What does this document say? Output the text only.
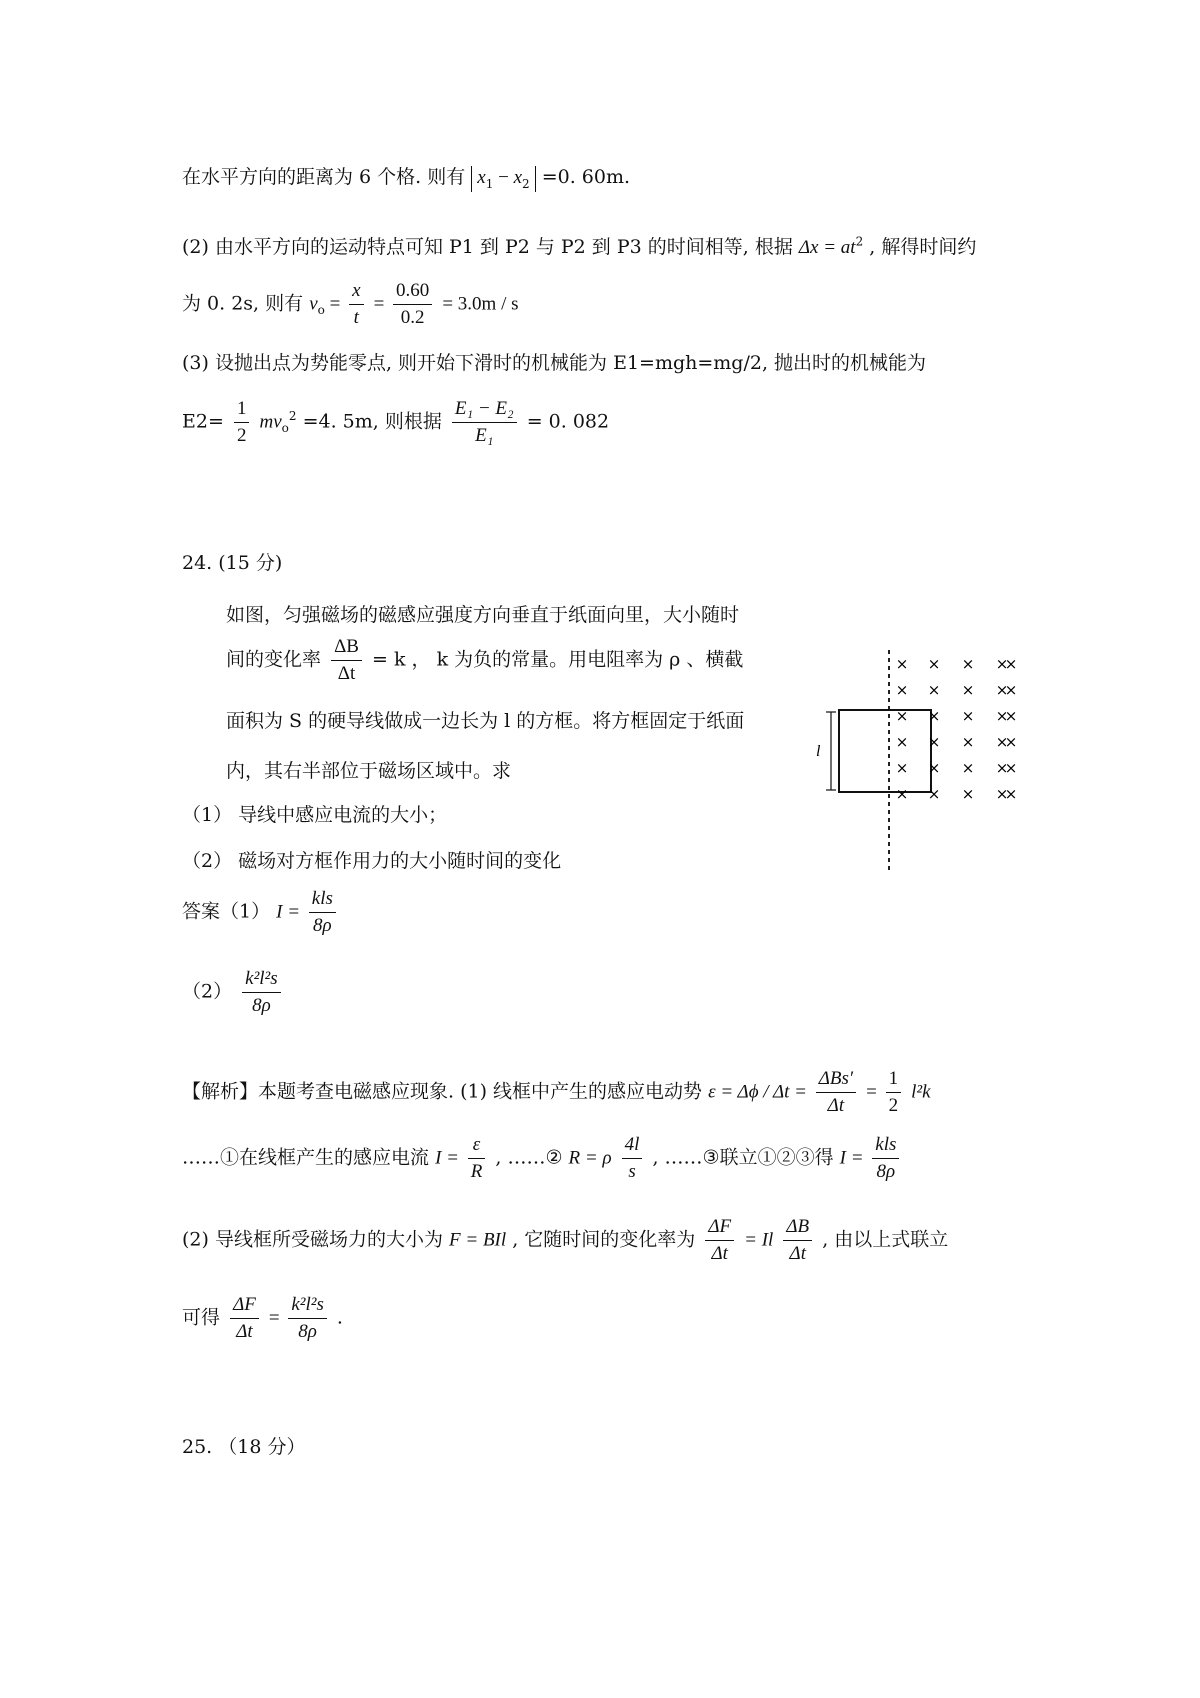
在水平方向的距离为 6 个格. 则有 $x_1 - x_2 =0$. 60m.
(2) 由水平方向的运动特点可知 P1 到 P2 与 P2 到 P3 的时间相等, 根据 $\Delta x = at^2$ , 解得时间约
为 0. 2s, 则有 $v_o = \frac{x}{t} = \frac{0.60}{0.2} = 3.0m / s$
(3) 设抛出点为势能零点, 则开始下滑时的机械能为 E1=mgh=mg/2, 抛出时的机械能为
$E2= \frac{1}{2} mv_o^2 =4$. 5m, 则根据 $\frac{\text{E₁ − E₂}}{\text{E₁}} = 0$. 082
24. (15 分)
如图，匀强磁场的磁感应强度方向垂直于纸面向里，大小随时
间的变化率 $\frac{\Delta B}{\Delta t} = k$ ， k 为负的常量。用电阻率为 ρ 、横截
面积为 S 的硬导线做成一边长为 l 的方框。将方框固定于纸面
内，其右半部位于磁场区域中。求
l
× × × ×
×
× × × ×
×
× × × ×
×
× × × ×
×
× × × ×
×
× × × ×
×
（1） 导线中感应电流的大小；
（2） 磁场对方框作用力的大小随时间的变化
答案（1） $I = \frac{\text{kls}}{8\rho}$
$(2) \frac{\text{k²l²s}}{8\rho}$
【解析】本题考查电磁感应现象. (1) 线框中产生的感应电动势 $\varepsilon = \Delta\phi / \Delta t = \frac{\text{ΔBs′}}{\Delta t} = \frac{1}{2} l^2k$
……①在线框产生的感应电流 $I = \frac{\varepsilon}{R}$ , ……② R = ρ $\frac{4l}{s}$ , ……③联立①②③得 $I = \frac{\text{kls}}{8\rho}$
(2) 导线框所受磁场力的大小为 F = BIl , 它随时间的变化率为 $\frac{\Delta F}{\Delta t} = Il \frac{\Delta B}{\Delta t}$ , 由以上式联立
可得 $\frac{\Delta F}{\Delta t} = \frac{\text{k²l²s}}{8\rho}$ .
25. （18 分）
